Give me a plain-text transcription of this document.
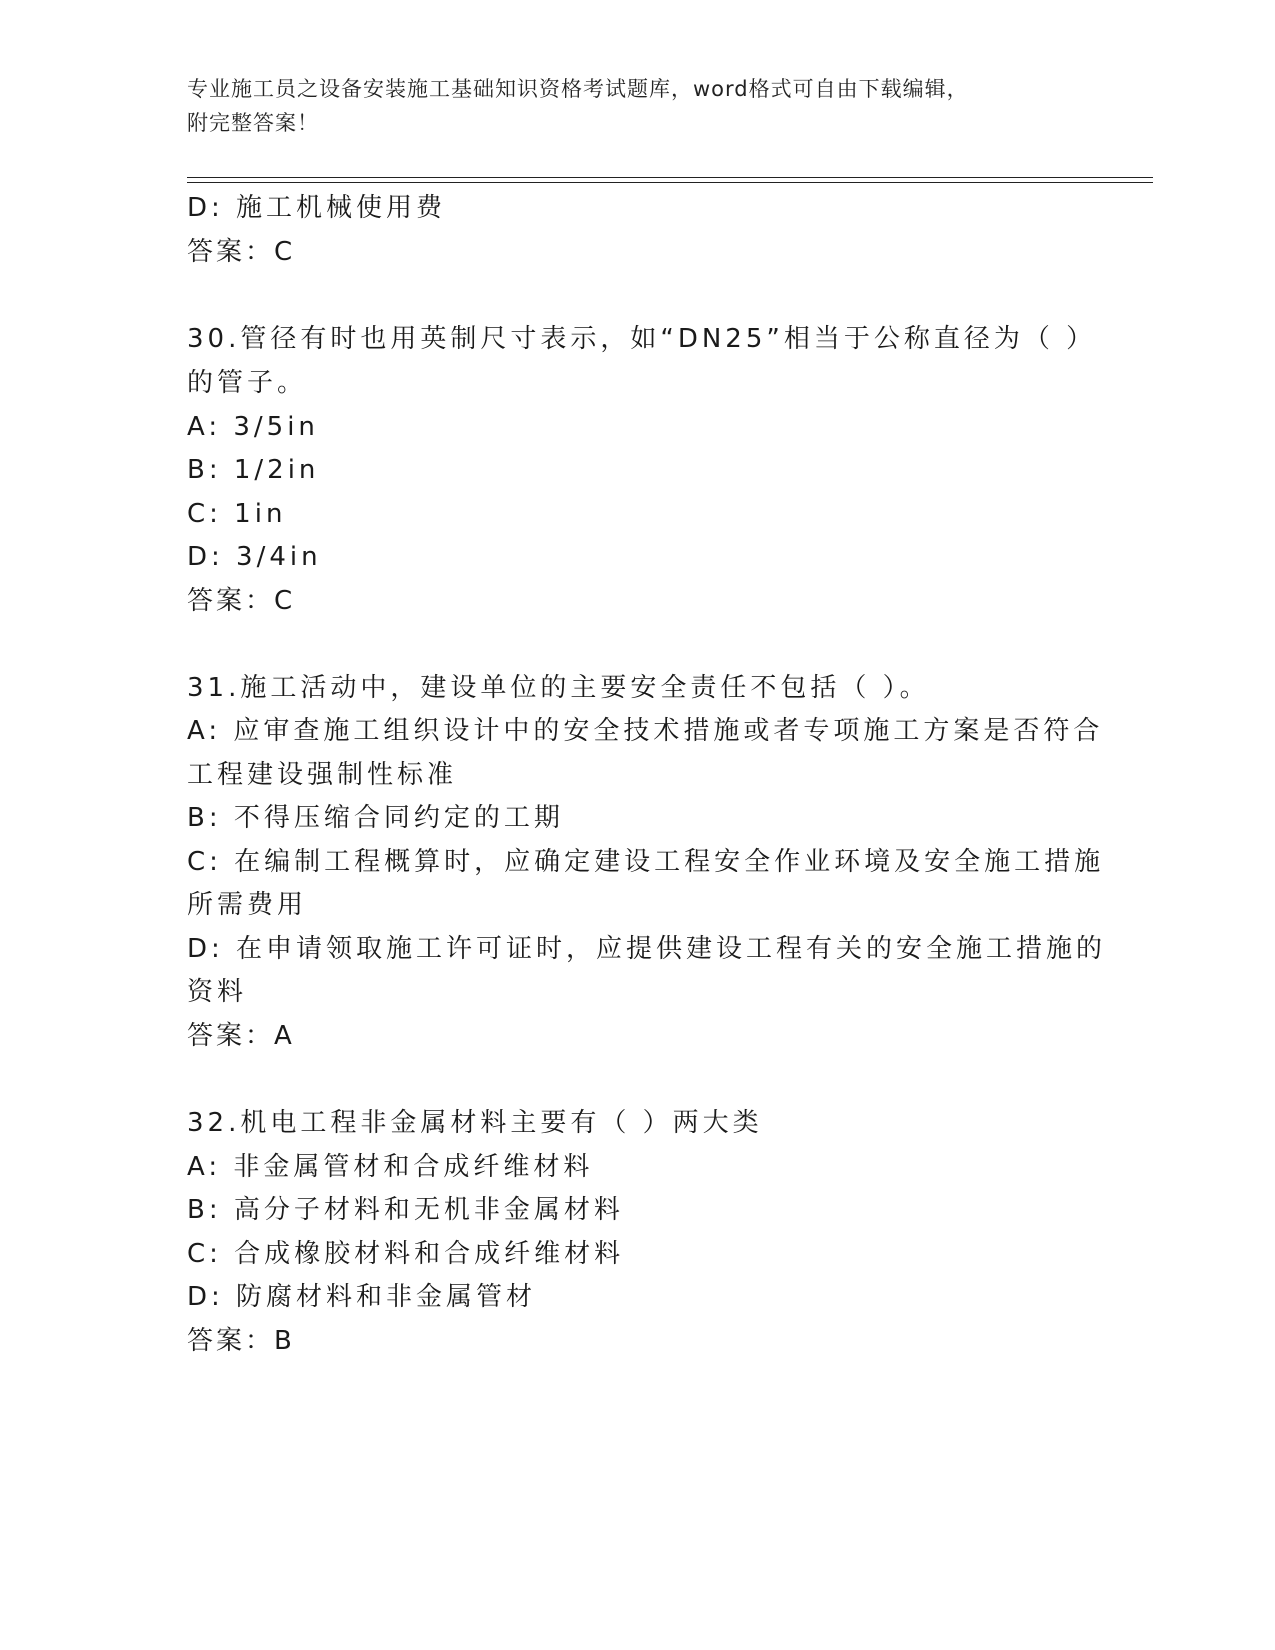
专业施工员之设备安装施工基础知识资格考试题库，word格式可自由下载编辑，
附完整答案！
D: 施工机械使用费
答案：C
30.管径有时也用英制尺寸表示，如“DN25”相当于公称直径为（ ）
的管子。
A: 3/5in
B: 1/2in
C: 1in
D: 3/4in
答案：C
31.施工活动中，建设单位的主要安全责任不包括（ ）。
A: 应审查施工组织设计中的安全技术措施或者专项施工方案是否符合
工程建设强制性标准
B: 不得压缩合同约定的工期
C: 在编制工程概算时，应确定建设工程安全作业环境及安全施工措施
所需费用
D: 在申请领取施工许可证时，应提供建设工程有关的安全施工措施的
资料
答案：A
32.机电工程非金属材料主要有（ ）两大类
A: 非金属管材和合成纤维材料
B: 高分子材料和无机非金属材料
C: 合成橡胶材料和合成纤维材料
D: 防腐材料和非金属管材
答案：B
